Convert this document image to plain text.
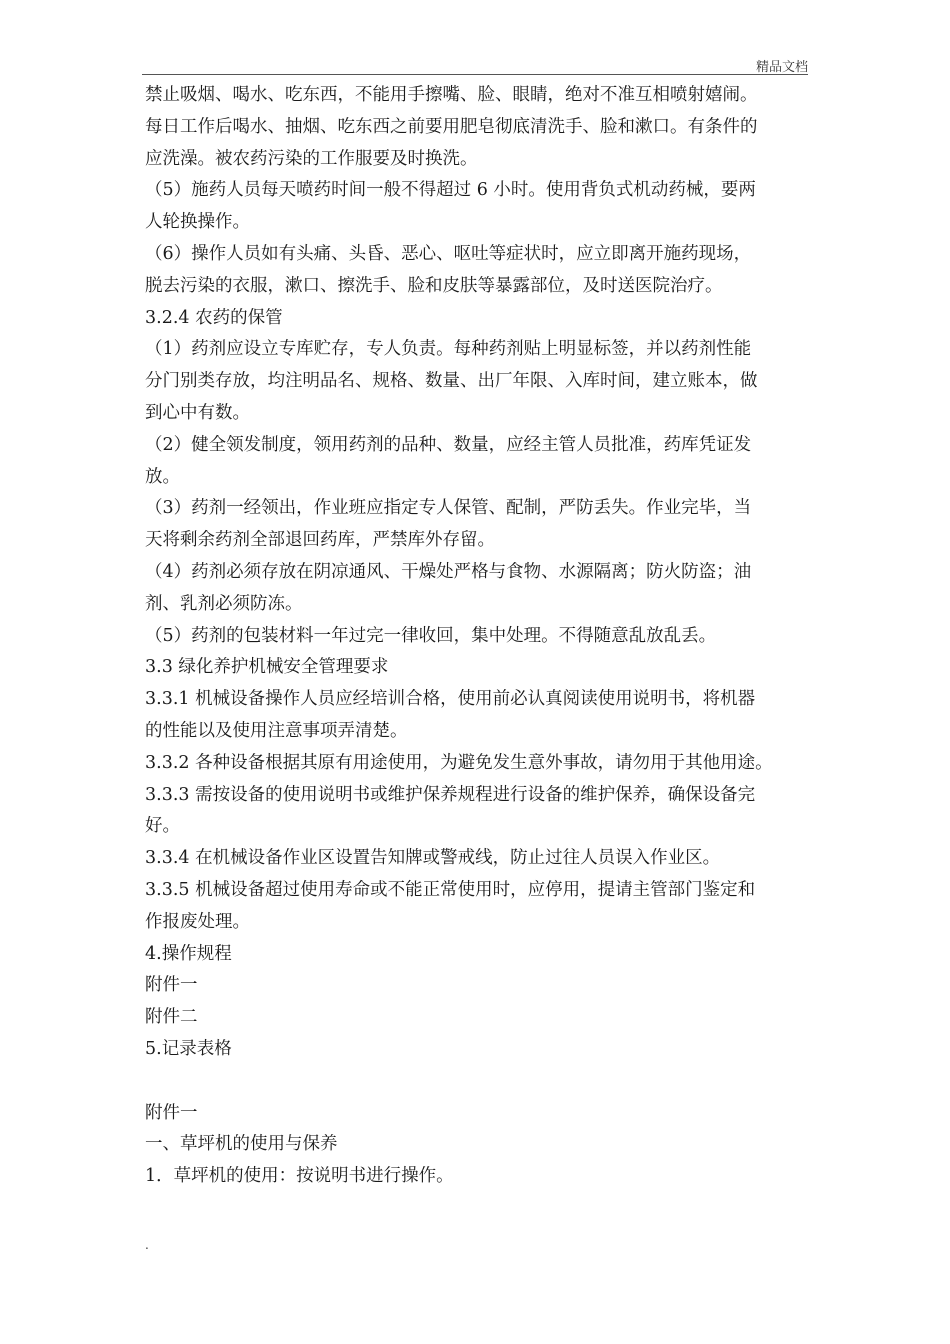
精品文档
禁止吸烟、喝水、吃东西，不能用手擦嘴、脸、眼睛，绝对不准互相喷射嬉闹。
每日工作后喝水、抽烟、吃东西之前要用肥皂彻底清洗手、脸和漱口。有条件的
应洗澡。被农药污染的工作服要及时换洗。
（5）施药人员每天喷药时间一般不得超过 6 小时。使用背负式机动药械，要两
人轮换操作。
（6）操作人员如有头痛、头昏、恶心、呕吐等症状时，应立即离开施药现场，
脱去污染的衣服，漱口、擦洗手、脸和皮肤等暴露部位，及时送医院治疗。
3.2.4 农药的保管
（1）药剂应设立专库贮存，专人负责。每种药剂贴上明显标签，并以药剂性能
分门别类存放，均注明品名、规格、数量、出厂年限、入库时间，建立账本，做
到心中有数。
（2）健全领发制度，领用药剂的品种、数量，应经主管人员批准，药库凭证发
放。
（3）药剂一经领出，作业班应指定专人保管、配制，严防丢失。作业完毕，当
天将剩余药剂全部退回药库，严禁库外存留。
（4）药剂必须存放在阴凉通风、干燥处严格与食物、水源隔离；防火防盗；油
剂、乳剂必须防冻。
（5）药剂的包装材料一年过完一律收回，集中处理。不得随意乱放乱丢。
3.3 绿化养护机械安全管理要求
3.3.1 机械设备操作人员应经培训合格，使用前必认真阅读使用说明书，将机器
的性能以及使用注意事项弄清楚。
3.3.2 各种设备根据其原有用途使用，为避免发生意外事故，请勿用于其他用途。
3.3.3 需按设备的使用说明书或维护保养规程进行设备的维护保养，确保设备完
好。
3.3.4 在机械设备作业区设置告知牌或警戒线，防止过往人员误入作业区。
3.3.5 机械设备超过使用寿命或不能正常使用时，应停用，提请主管部门鉴定和
作报废处理。
4.操作规程
附件一
附件二
5.记录表格
附件一
一、草坪机的使用与保养
1．草坪机的使用：按说明书进行操作。
.
